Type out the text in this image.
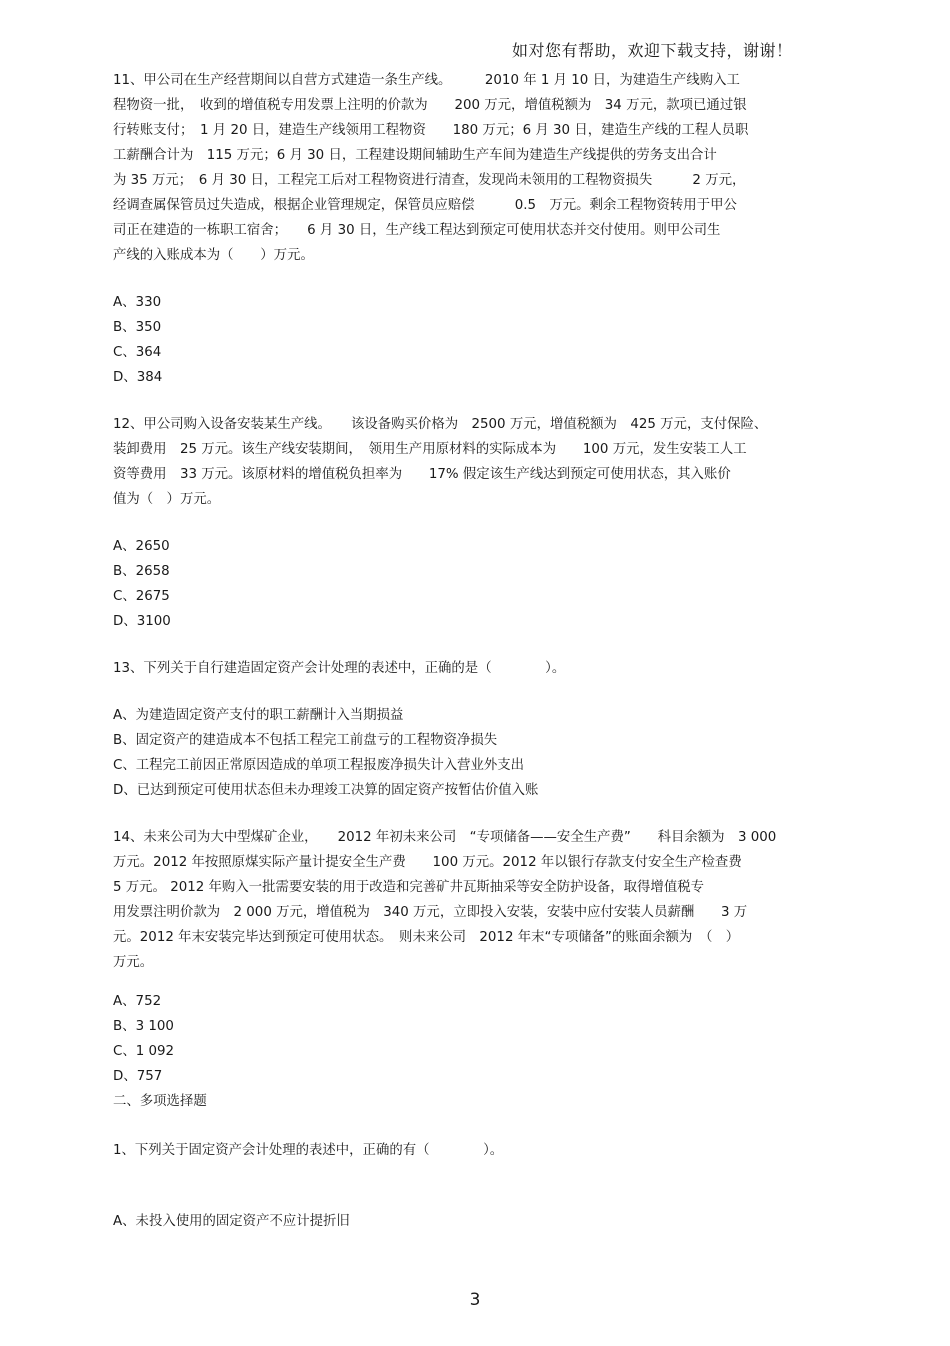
如对您有帮助，欢迎下载支持，谢谢！

11、甲公司在生产经营期间以自营方式建造一条生产线。　　　2010 年 1 月 10 日，为建造生产线购入工

程物资一批，　收到的增值税专用发票上注明的价款为　　200 万元，增值税额为　34 万元，款项已通过银

行转账支付；　1 月 20 日，建造生产线领用工程物资　　180 万元；6 月 30 日，建造生产线的工程人员职

工薪酬合计为　115 万元；6 月 30 日，工程建设期间辅助生产车间为建造生产线提供的劳务支出合计

为 35 万元；　6 月 30 日，工程完工后对工程物资进行清查，发现尚未领用的工程物资损失　　　2 万元，

经调查属保管员过失造成，根据企业管理规定，保管员应赔偿　　　0.5　万元。剩余工程物资转用于甲公

司正在建造的一栋职工宿舍；　　6 月 30 日，生产线工程达到预定可使用状态并交付使用。则甲公司生

产线的入账成本为（　　）万元。

A、330
B、350
C、364
D、384

12、甲公司购入设备安装某生产线。　　该设备购买价格为　2500 万元，增值税额为　425 万元，支付保险、

装卸费用　25 万元。该生产线安装期间，　领用生产用原材料的实际成本为　　100 万元，发生安装工人工

资等费用　33 万元。该原材料的增值税负担率为　　17% 假定该生产线达到预定可使用状态，其入账价

值为（　）万元。

A、2650
B、2658
C、2675
D、3100

13、下列关于自行建造固定资产会计处理的表述中，正确的是（　　　　）。

A、为建造固定资产支付的职工薪酬计入当期损益
B、固定资产的建造成本不包括工程完工前盘亏的工程物资净损失
C、工程完工前因正常原因造成的单项工程报废净损失计入营业外支出
D、已达到预定可使用状态但未办理竣工决算的固定资产按暂估价值入账

14、未来公司为大中型煤矿企业，　　2012 年初未来公司　“专项储备——安全生产费”　　科目余额为　3 000

万元。2012 年按照原煤实际产量计提安全生产费　　100 万元。2012 年以银行存款支付安全生产检查费

5 万元。 2012 年购入一批需要安装的用于改造和完善矿井瓦斯抽采等安全防护设备，取得增值税专

用发票注明价款为　2 000 万元，增值税为　340 万元，立即投入安装，安装中应付安装人员薪酬　　3 万

元。2012 年末安装完毕达到预定可使用状态。　则未来公司　2012 年末“专项储备”的账面余额为　（　）

万元。

A、752
B、3 100
C、1 092
D、757
二、多项选择题

1、下列关于固定资产会计处理的表述中，正确的有（　　　　）。

A、未投入使用的固定资产不应计提折旧
3
